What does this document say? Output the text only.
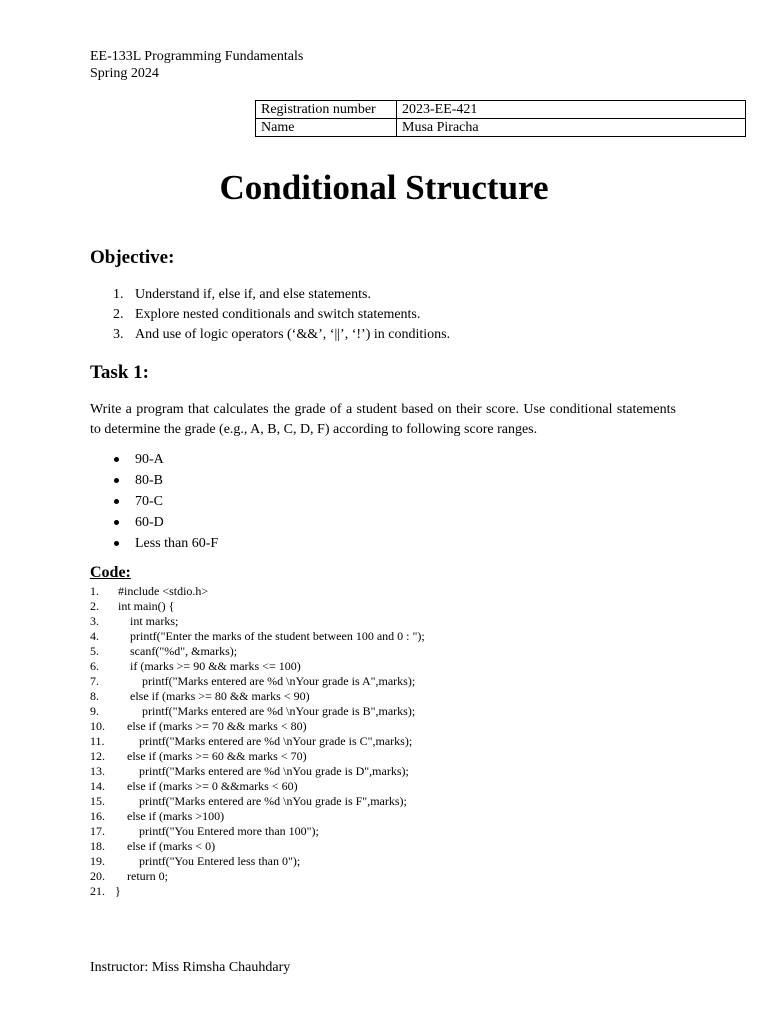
EE-133L Programming Fundamentals
Spring 2024
Registration number	2023-EE-421
Name	Musa Piracha
Conditional Structure
Objective:
1. Understand if, else if, and else statements.
2. Explore nested conditionals and switch statements.
3. And use of logic operators (‘&&’, ‘||’, ‘!’) in conditions.
Task 1:

Write a program that calculates the grade of a student based on their score. Use conditional statements to determine the grade (e.g., A, B, C, D, F) according to following score ranges.

90-A
80-B
70-C
60-D
Less than 60-F
Code:
1. #include <stdio.h>
2. int main() {
3. int marks;
4. printf("Enter the marks of the student between 100 and 0 : ");
5. scanf("%d", &marks);
6. if (marks >= 90 && marks <= 100)
7. printf("Marks entered are %d \nYour grade is A",marks);
8. else if (marks >= 80 && marks < 90)
9. printf("Marks entered are %d \nYour grade is B",marks);
10. else if (marks >= 70 && marks < 80)
11. printf("Marks entered are %d \nYour grade is C",marks);
12. else if (marks >= 60 && marks < 70)
13. printf("Marks entered are %d \nYou grade is D",marks);
14. else if (marks >= 0 &&marks < 60)
15. printf("Marks entered are %d \nYou grade is F",marks);
16. else if (marks >100)
17. printf("You Entered more than 100");
18. else if (marks < 0)
19. printf("You Entered less than 0");
20. return 0;
21. }
Instructor: Miss Rimsha Chauhdary
